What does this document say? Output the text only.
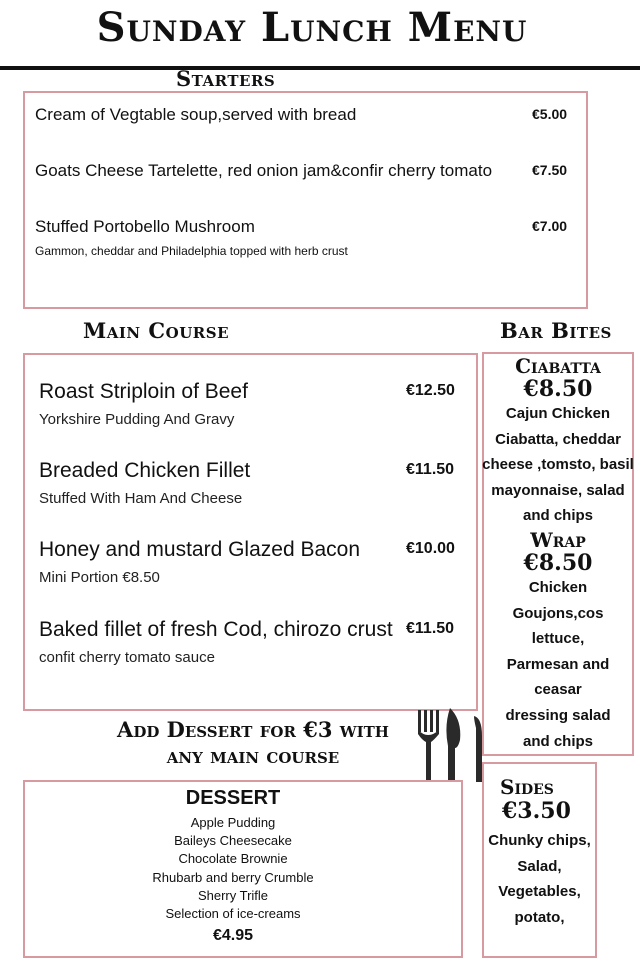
Sunday Lunch Menu
Starters
Cream of Vegtable soup,served with bread	€5.00
Goats Cheese Tartelette, red onion jam&confir cherry tomato	€7.50
Stuffed Portobello Mushroom	€7.00
Gammon, cheddar and Philadelphia topped with herb crust
Main Course
Roast Striploin of Beef	€12.50
Yorkshire Pudding And Gravy
Breaded Chicken Fillet	€11.50
Stuffed With Ham And Cheese
Honey and mustard Glazed Bacon	€10.00
Mini Portion €8.50
Baked fillet of fresh Cod, chirozo crust €11.50
confit cherry tomato sauce
Bar Bites
Ciabatta
€8.50
Cajun Chicken
Ciabatta, cheddar
cheese ,tomsto, basil
mayonnaise, salad
and chips
Wrap
€8.50
Chicken
Goujons,cos
lettuce,
Parmesan and
ceasar
dressing salad
and chips
Add Dessert for €3 with
any main course
DESSERT
Apple Pudding
Baileys Cheesecake
Chocolate Brownie
Rhubarb and berry Crumble
Sherry Trifle
Selection of ice-creams
€4.95
Sides
€3.50
Chunky chips,
Salad,
Vegetables,
potato,
